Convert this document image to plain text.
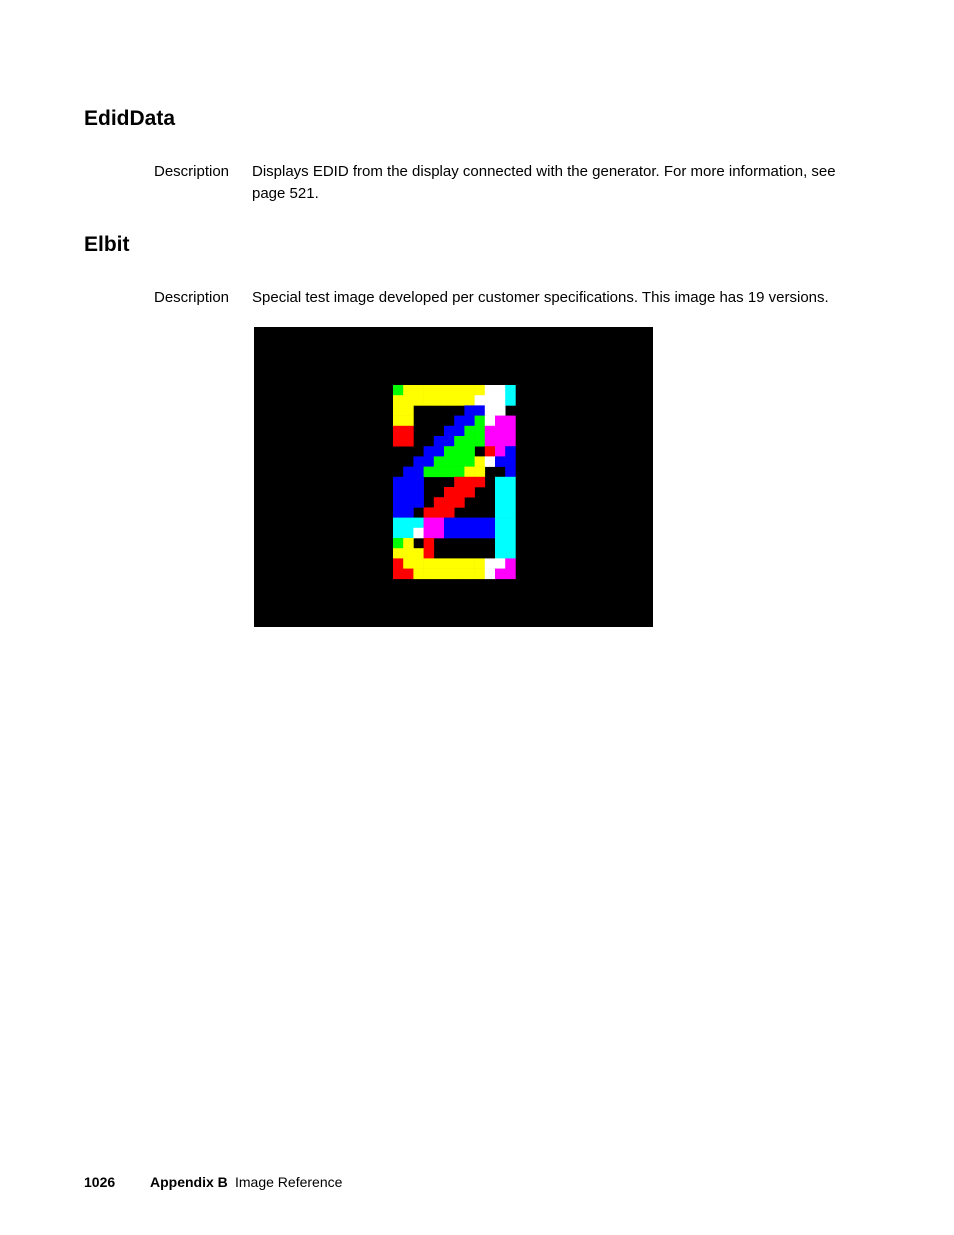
EdidData
Description Displays EDID from the display connected with the generator. For more information, see page 521.
Elbit
Description Special test image developed per customer specifications. This image has 19 versions.
1026 Appendix B Image Reference
